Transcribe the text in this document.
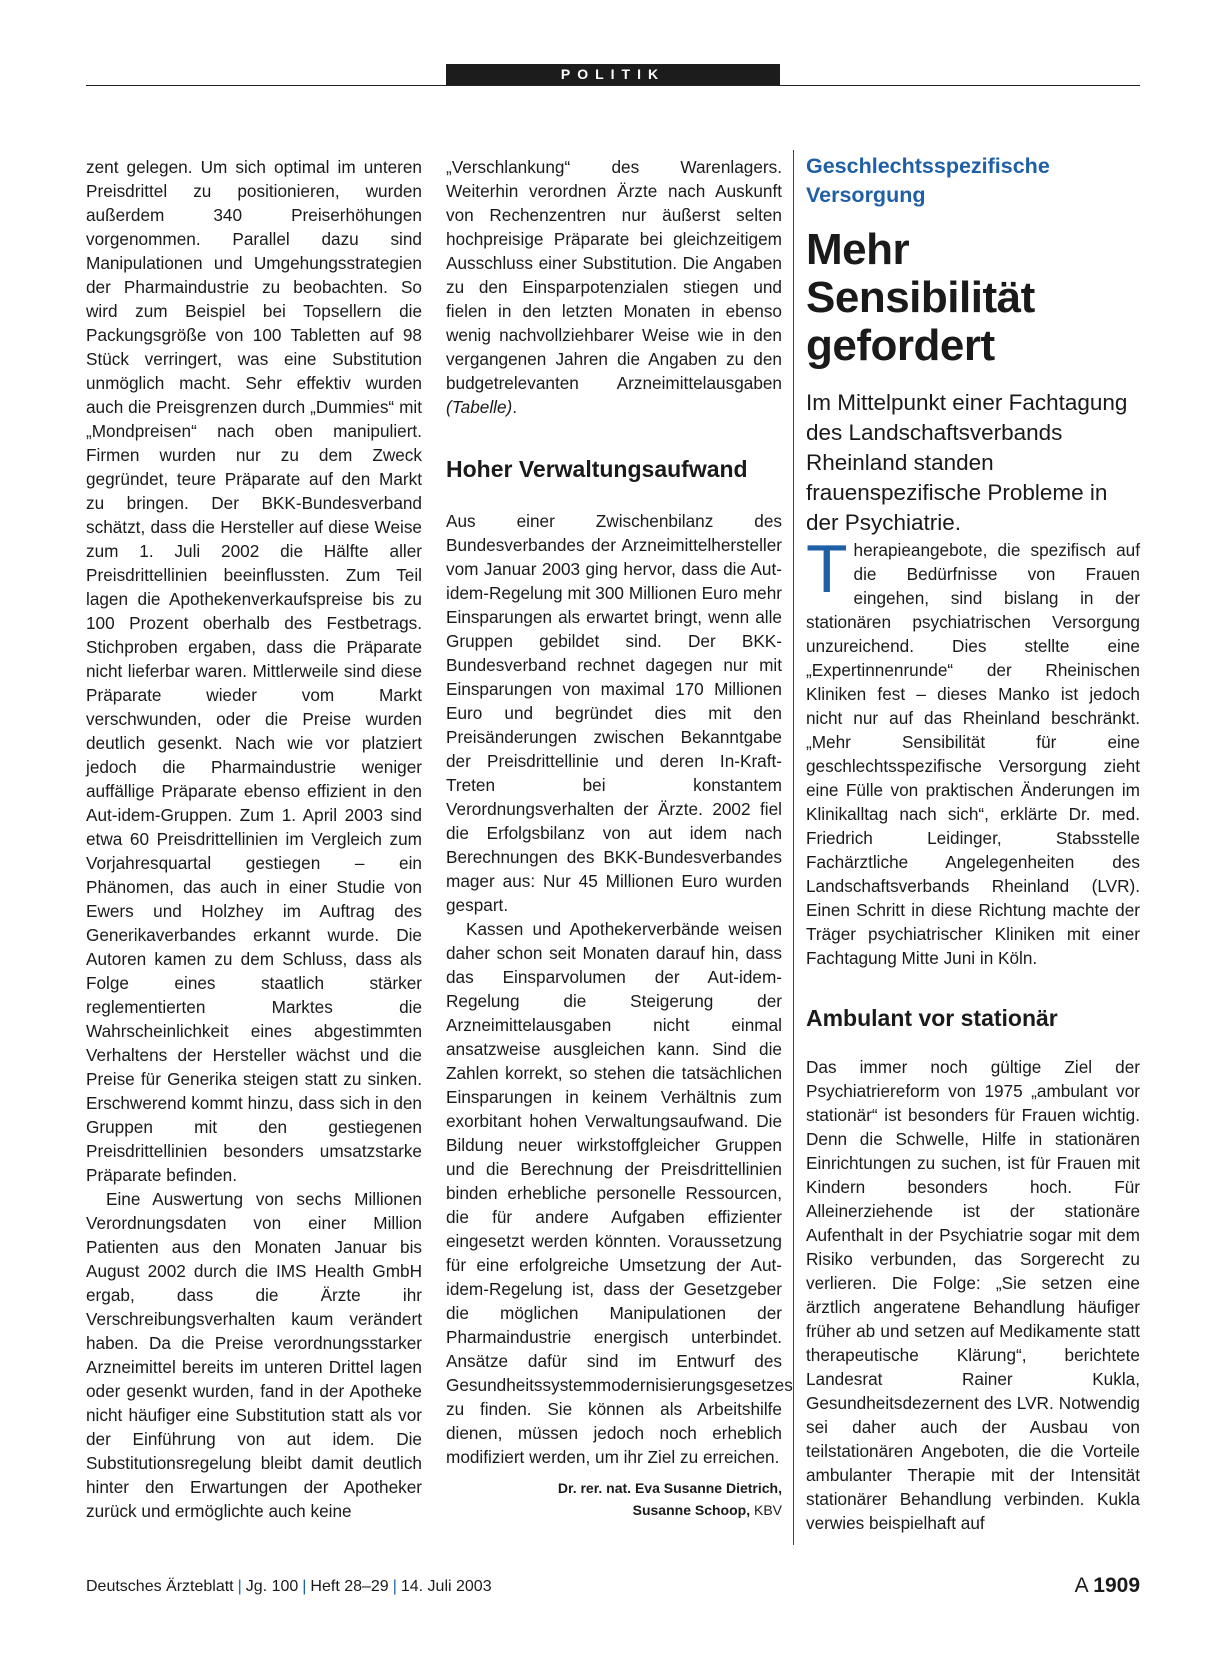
POLITIK

zent gelegen. Um sich optimal im unteren Preisdrittel zu positionieren, wurden außerdem 340 Preiserhöhungen vorgenommen. Parallel dazu sind Manipulationen und Umgehungsstrategien der Pharmaindustrie zu beobachten. So wird zum Beispiel bei Topsellern die Packungsgröße von 100 Tabletten auf 98 Stück verringert, was eine Substitution unmöglich macht. Sehr effektiv wurden auch die Preisgrenzen durch „Dummies“ mit „Mondpreisen“ nach oben manipuliert. Firmen wurden nur zu dem Zweck gegründet, teure Präparate auf den Markt zu bringen. Der BKK-Bundesverband schätzt, dass die Hersteller auf diese Weise zum 1. Juli 2002 die Hälfte aller Preisdrittellinien beeinflussten. Zum Teil lagen die Apothekenverkaufspreise bis zu 100 Prozent oberhalb des Festbetrags. Stichproben ergaben, dass die Präparate nicht lieferbar waren. Mittlerweile sind diese Präparate wieder vom Markt verschwunden, oder die Preise wurden deutlich gesenkt. Nach wie vor platziert jedoch die Pharmaindustrie weniger auffällige Präparate ebenso effizient in den Aut-idem-Gruppen. Zum 1. April 2003 sind etwa 60 Preisdrittellinien im Vergleich zum Vorjahresquartal gestiegen – ein Phänomen, das auch in einer Studie von Ewers und Holzhey im Auftrag des Generikaverbandes erkannt wurde. Die Autoren kamen zu dem Schluss, dass als Folge eines staatlich stärker reglementierten Marktes die Wahrscheinlichkeit eines abgestimmten Verhaltens der Hersteller wächst und die Preise für Generika steigen statt zu sinken. Erschwerend kommt hinzu, dass sich in den Gruppen mit den gestiegenen Preisdrittellinien besonders umsatzstarke Präparate befinden.

Eine Auswertung von sechs Millionen Verordnungsdaten von einer Million Patienten aus den Monaten Januar bis August 2002 durch die IMS Health GmbH ergab, dass die Ärzte ihr Verschreibungsverhalten kaum verändert haben. Da die Preise verordnungsstarker Arzneimittel bereits im unteren Drittel lagen oder gesenkt wurden, fand in der Apotheke nicht häufiger eine Substitution statt als vor der Einführung von aut idem. Die Substitutionsregelung bleibt damit deutlich hinter den Erwartungen der Apotheker zurück und ermöglichte auch keine

„Verschlankung“ des Warenlagers. Weiterhin verordnen Ärzte nach Auskunft von Rechenzentren nur äußerst selten hochpreisige Präparate bei gleichzeitigem Ausschluss einer Substitution. Die Angaben zu den Einsparpotenzialen stiegen und fielen in den letzten Monaten in ebenso wenig nachvollziehbarer Weise wie in den vergangenen Jahren die Angaben zu den budgetrelevanten Arzneimittelausgaben (Tabelle).

Hoher Verwaltungsaufwand

Aus einer Zwischenbilanz des Bundesverbandes der Arzneimittelhersteller vom Januar 2003 ging hervor, dass die Aut-idem-Regelung mit 300 Millionen Euro mehr Einsparungen als erwartet bringt, wenn alle Gruppen gebildet sind. Der BKK-Bundesverband rechnet dagegen nur mit Einsparungen von maximal 170 Millionen Euro und begründet dies mit den Preisänderungen zwischen Bekanntgabe der Preisdrittellinie und deren In-Kraft-Treten bei konstantem Verordnungsverhalten der Ärzte. 2002 fiel die Erfolgsbilanz von aut idem nach Berechnungen des BKK-Bundesverbandes mager aus: Nur 45 Millionen Euro wurden gespart.

Kassen und Apothekerverbände weisen daher schon seit Monaten darauf hin, dass das Einsparvolumen der Aut-idem-Regelung die Steigerung der Arzneimittelausgaben nicht einmal ansatzweise ausgleichen kann. Sind die Zahlen korrekt, so stehen die tatsächlichen Einsparungen in keinem Verhältnis zum exorbitant hohen Verwaltungsaufwand. Die Bildung neuer wirkstoffgleicher Gruppen und die Berechnung der Preisdrittellinien binden erhebliche personelle Ressourcen, die für andere Aufgaben effizienter eingesetzt werden könnten. Voraussetzung für eine erfolgreiche Umsetzung der Aut-idem-Regelung ist, dass der Gesetzgeber die möglichen Manipulationen der Pharmaindustrie energisch unterbindet. Ansätze dafür sind im Entwurf des Gesundheitssystemmodernisierungsgesetzes zu finden. Sie können als Arbeitshilfe dienen, müssen jedoch noch erheblich modifiziert werden, um ihr Ziel zu erreichen.

Dr. rer. nat. Eva Susanne Dietrich,
Susanne Schoop, KBV

Geschlechtsspezifische Versorgung

Mehr Sensibilität gefordert

Im Mittelpunkt einer Fachtagung des Landschaftsverbands Rheinland standen frauenspezifische Probleme in der Psychiatrie.

Therapieangebote, die spezifisch auf die Bedürfnisse von Frauen eingehen, sind bislang in der stationären psychiatrischen Versorgung unzureichend. Dies stellte eine „Expertinnenrunde“ der Rheinischen Kliniken fest – dieses Manko ist jedoch nicht nur auf das Rheinland beschränkt. „Mehr Sensibilität für eine geschlechtsspezifische Versorgung zieht eine Fülle von praktischen Änderungen im Klinikalltag nach sich“, erklärte Dr. med. Friedrich Leidinger, Stabsstelle Fachärztliche Angelegenheiten des Landschaftsverbands Rheinland (LVR). Einen Schritt in diese Richtung machte der Träger psychiatrischer Kliniken mit einer Fachtagung Mitte Juni in Köln.

Ambulant vor stationär

Das immer noch gültige Ziel der Psychiatriereform von 1975 „ambulant vor stationär“ ist besonders für Frauen wichtig. Denn die Schwelle, Hilfe in stationären Einrichtungen zu suchen, ist für Frauen mit Kindern besonders hoch. Für Alleinerziehende ist der stationäre Aufenthalt in der Psychiatrie sogar mit dem Risiko verbunden, das Sorgerecht zu verlieren. Die Folge: „Sie setzen eine ärztlich angeratene Behandlung häufiger früher ab und setzen auf Medikamente statt therapeutische Klärung“, berichtete Landesrat Rainer Kukla, Gesundheitsdezernent des LVR. Notwendig sei daher auch der Ausbau von teilstationären Angeboten, die die Vorteile ambulanter Therapie mit der Intensität stationärer Behandlung verbinden. Kukla verwies beispielhaft auf

Deutsches Ärzteblatt | Jg. 100 | Heft 28–29 | 14. Juli 2003	A 1909
